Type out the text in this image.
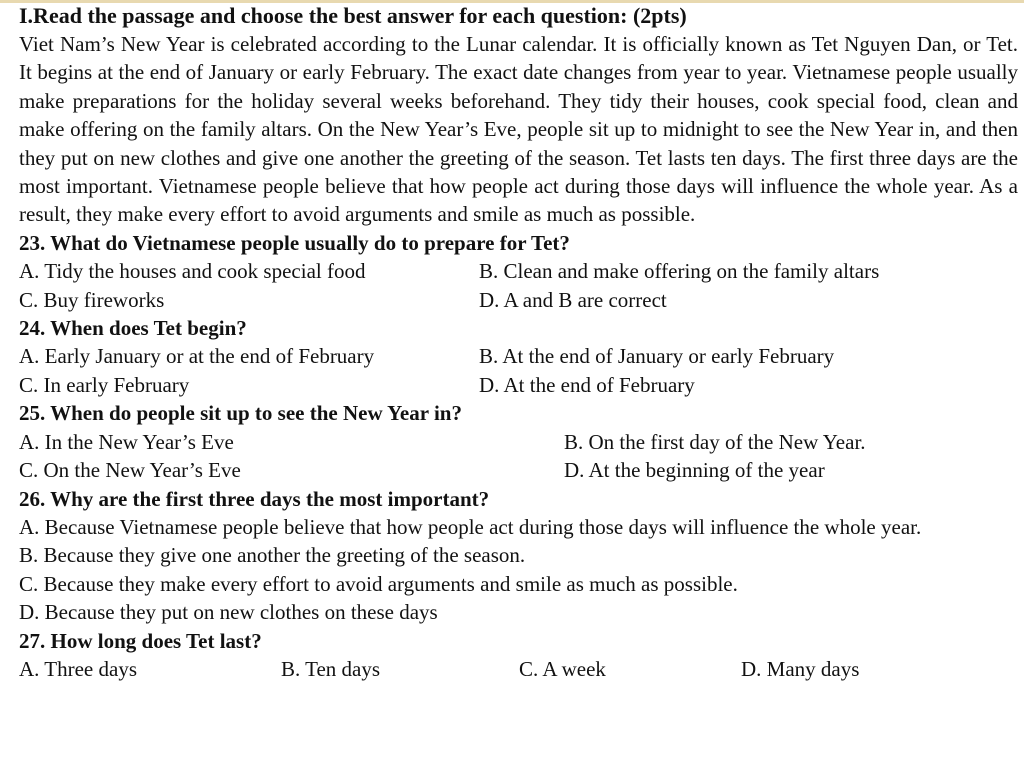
I.Read the passage and choose the best answer for each question: (2pts)

Viet Nam’s New Year is celebrated according to the Lunar calendar. It is officially known as Tet Nguyen Dan, or Tet. It begins at the end of January or early February. The exact date changes from year to year. Vietnamese people usually make preparations for the holiday several weeks beforehand. They tidy their houses, cook special food, clean and make offering on the family altars. On the New Year’s Eve, people sit up to midnight to see the New Year in, and then they put on new clothes and give one another the greeting of the season. Tet lasts ten days. The first three days are the most important. Vietnamese people believe that how people act during those days will influence the whole year. As a result, they make every effort to avoid arguments and smile as much as possible.

23. What do Vietnamese people usually do to prepare for Tet?

A. Tidy the houses and cook special food	B. Clean and make offering on the family altars
C. Buy fireworks	D. A and B are correct

24. When does Tet begin?

A. Early January or at the end of February	B. At the end of January or early February
C. In early February	D. At the end of February

25. When do people sit up to see the New Year in?

A. In the New Year’s Eve	B. On the first day of the New Year.
C. On the New Year’s Eve	D. At the beginning of the year

26. Why are the first three days the most important?

A. Because Vietnamese people believe that how people act during those days will influence the whole year.

B. Because they give one another the greeting of the season.

C. Because they make every effort to avoid arguments and smile as much as possible.

D. Because they put on new clothes on these days

27. How long does Tet last?

A. Three days	B. Ten days	C. A week	D. Many days
